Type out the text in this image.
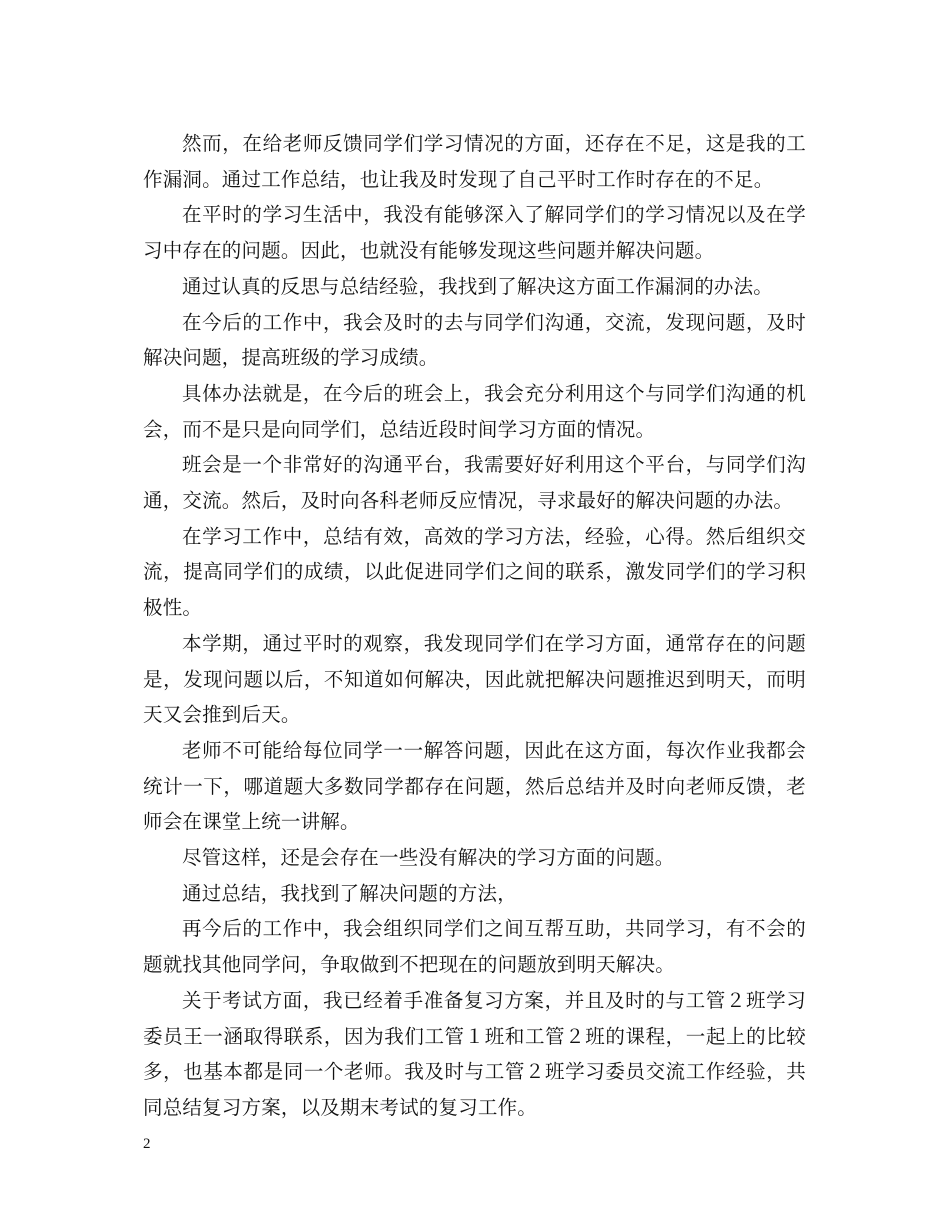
然而，在给老师反馈同学们学习情况的方面，还存在不足，这是我的工作漏洞。通过工作总结，也让我及时发现了自己平时工作时存在的不足。

在平时的学习生活中，我没有能够深入了解同学们的学习情况以及在学习中存在的问题。因此，也就没有能够发现这些问题并解决问题。

通过认真的反思与总结经验，我找到了解决这方面工作漏洞的办法。

在今后的工作中，我会及时的去与同学们沟通，交流，发现问题，及时解决问题，提高班级的学习成绩。

具体办法就是，在今后的班会上，我会充分利用这个与同学们沟通的机会，而不是只是向同学们，总结近段时间学习方面的情况。

班会是一个非常好的沟通平台，我需要好好利用这个平台，与同学们沟通，交流。然后，及时向各科老师反应情况，寻求最好的解决问题的办法。

在学习工作中，总结有效，高效的学习方法，经验，心得。然后组织交流，提高同学们的成绩，以此促进同学们之间的联系，激发同学们的学习积极性。

本学期，通过平时的观察，我发现同学们在学习方面，通常存在的问题是，发现问题以后，不知道如何解决，因此就把解决问题推迟到明天，而明天又会推到后天。

老师不可能给每位同学一一解答问题，因此在这方面，每次作业我都会统计一下，哪道题大多数同学都存在问题，然后总结并及时向老师反馈，老师会在课堂上统一讲解。

尽管这样，还是会存在一些没有解决的学习方面的问题。

通过总结，我找到了解决问题的方法，

再今后的工作中，我会组织同学们之间互帮互助，共同学习，有不会的题就找其他同学问，争取做到不把现在的问题放到明天解决。

关于考试方面，我已经着手准备复习方案，并且及时的与工管２班学习委员王一涵取得联系，因为我们工管１班和工管２班的课程，一起上的比较多，也基本都是同一个老师。我及时与工管２班学习委员交流工作经验，共同总结复习方案，以及期末考试的复习工作。

2
